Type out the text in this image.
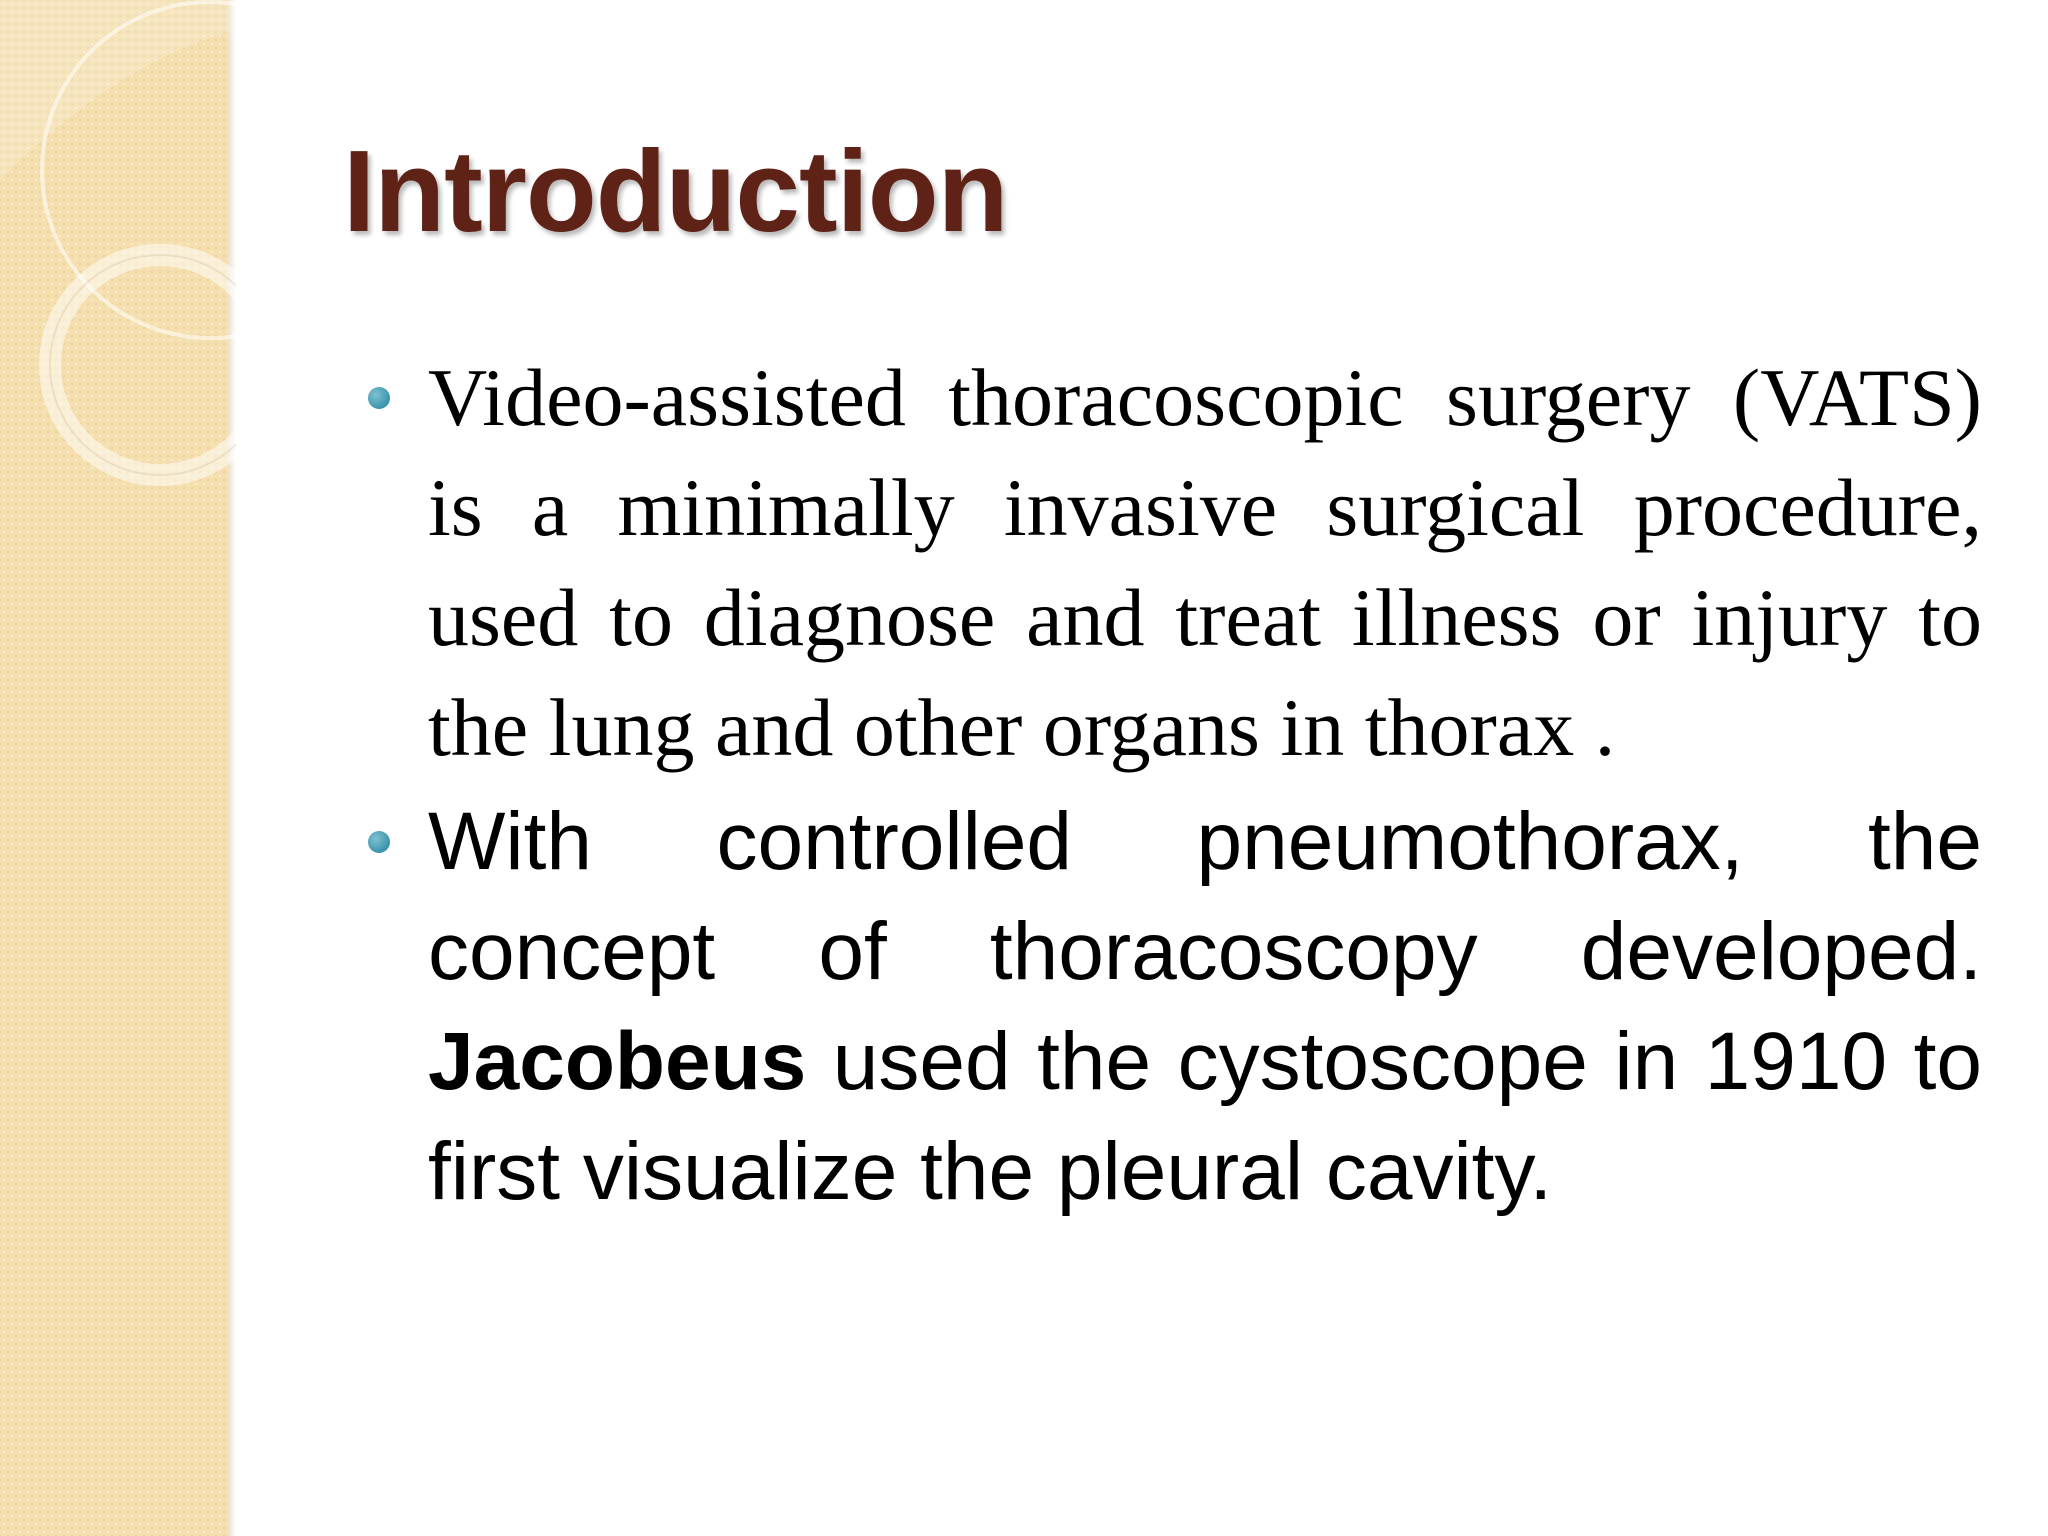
Introduction
Video-assisted thoracoscopic surgery (VATS) is a minimally invasive surgical procedure, used to diagnose and treat illness or injury to the lung and other organs in thorax .
With controlled pneumothorax, the concept of thoracoscopy developed. Jacobeus used the cystoscope in 1910 to first visualize the pleural cavity.
